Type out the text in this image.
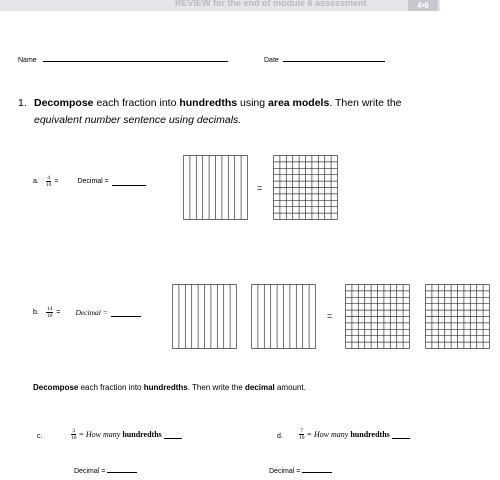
REVIEW for the end of module 6 assessment	4•6
Name	Date
1. Decompose each fraction into hundredths using area models. Then write the
equivalent number sentence using decimals.
a. $\frac{4}{10}$ =	Decimal =
=
b. $\frac{14}{10}$ = Decimal =	=
Decompose each fraction into hundredths. Then write the decimal amount.
c.	$\frac{3}{10}$ = How many hundredths
Decimal =
d.	$\frac{7}{10}$ = How many hundredths
Decimal =
